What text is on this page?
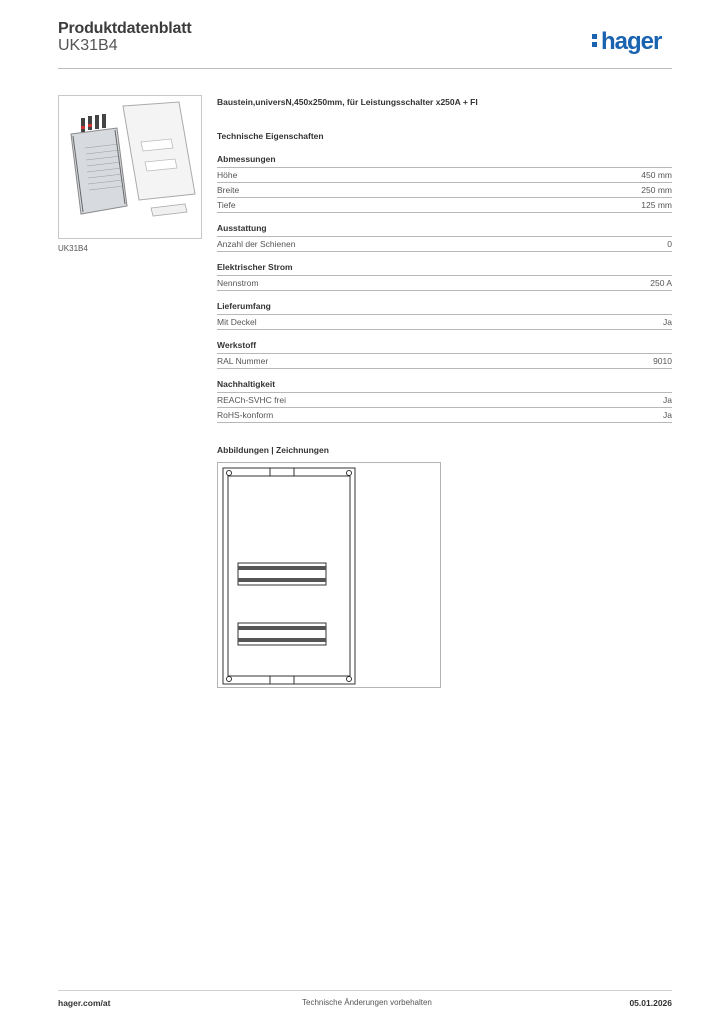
Produktdatenblatt
UK31B4	hager
UK31B4
Baustein,universN,450x250mm, für Leistungsschalter x250A + FI
Technische Eigenschaften
Abmessungen
Höhe	450 mm
Breite	250 mm
Tiefe	125 mm
Ausstattung
Anzahl der Schienen	0
Elektrischer Strom
Nennstrom	250 A
Lieferumfang
Mit Deckel	Ja
Werkstoff
RAL Nummer	9010
Nachhaltigkeit
REACh-SVHC frei	Ja
RoHS-konform	Ja
Abbildungen | Zeichnungen
hager.com/at	Technische Änderungen vorbehalten	05.01.2026
